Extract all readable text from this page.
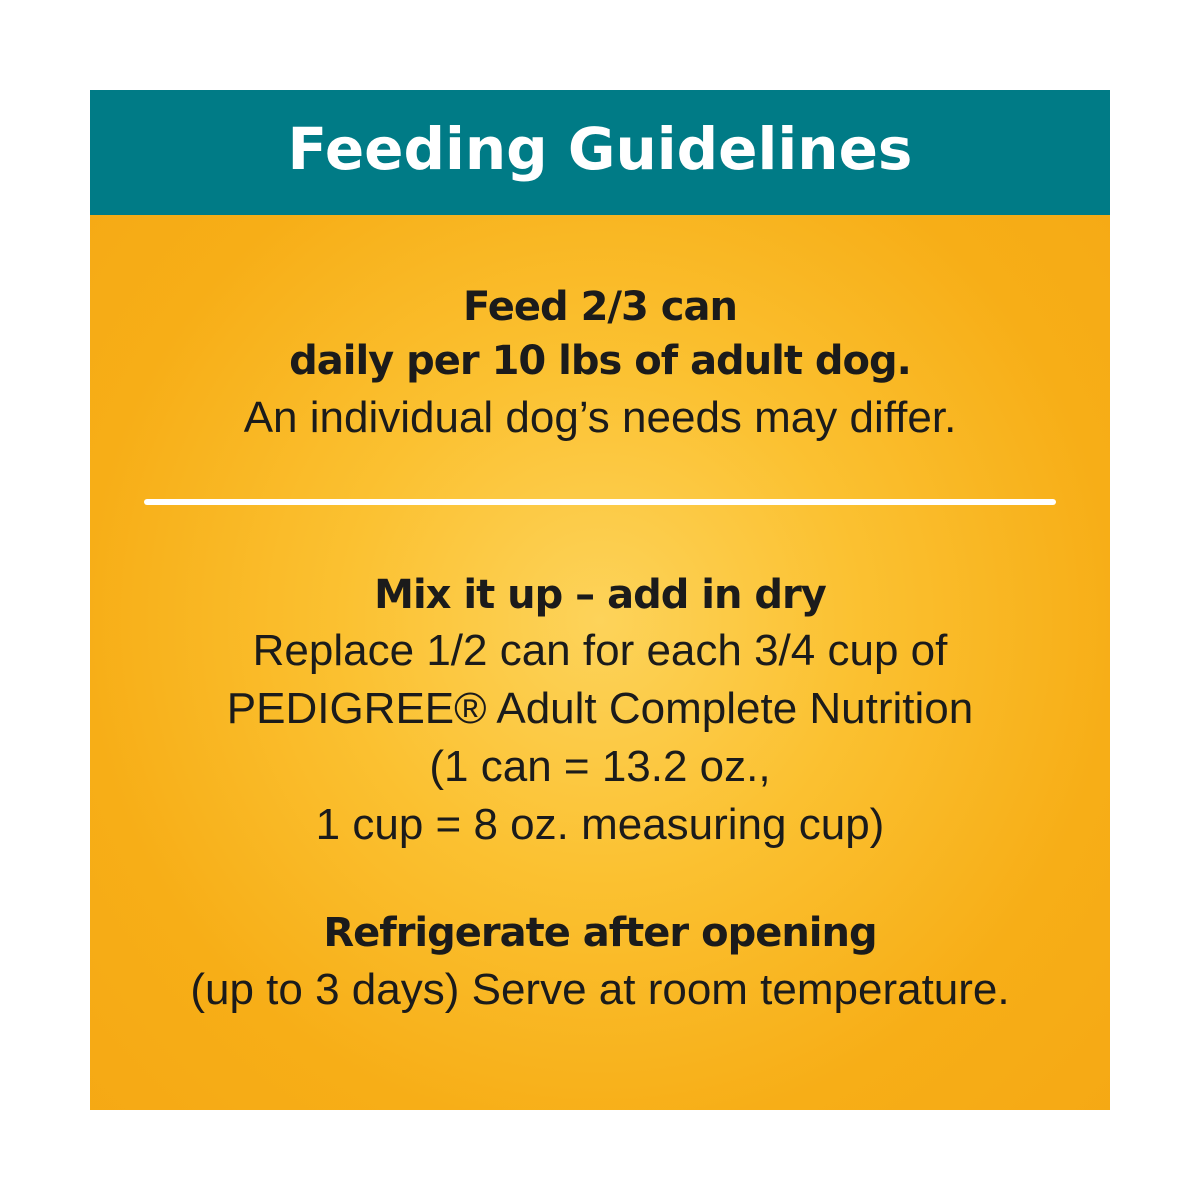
Feeding Guidelines
Feed 2/3 can
daily per 10 lbs of adult dog.
An individual dog’s needs may differ.
Mix it up – add in dry
Replace 1/2 can for each 3/4 cup of
PEDIGREE® Adult Complete Nutrition
(1 can = 13.2 oz.,
1 cup = 8 oz. measuring cup)
Refrigerate after opening
(up to 3 days) Serve at room temperature.
